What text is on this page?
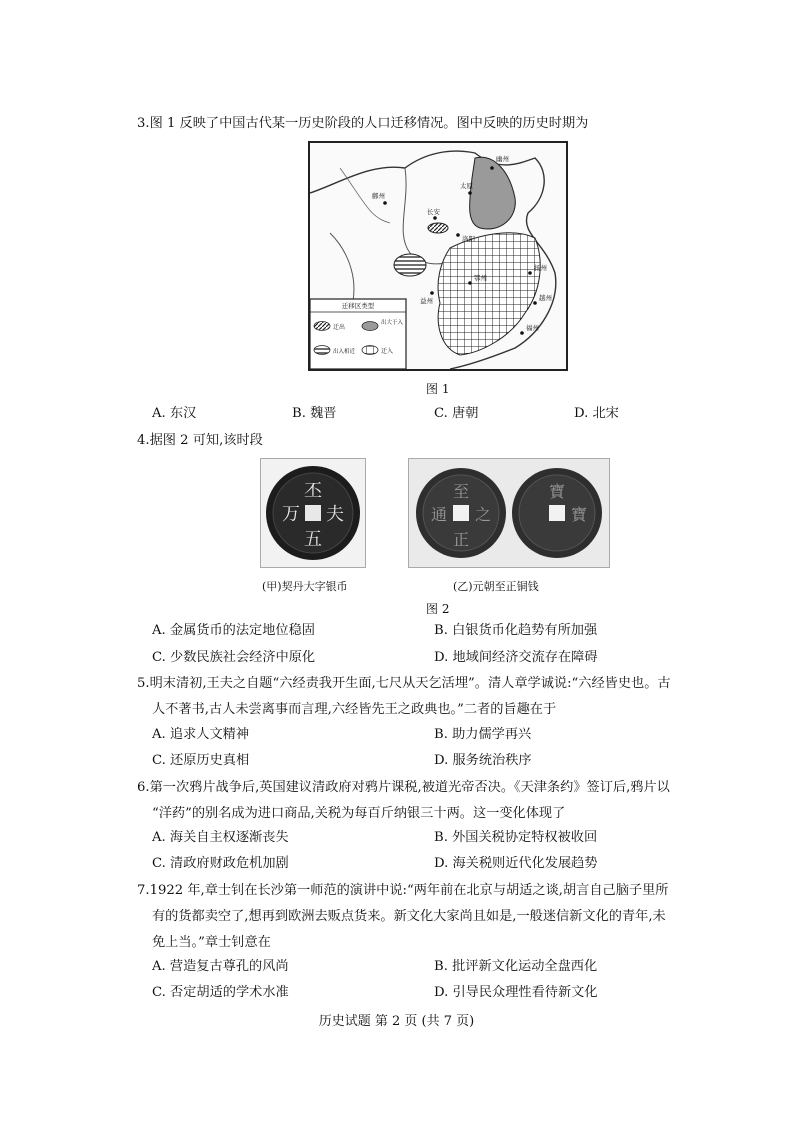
3.图 1 反映了中国古代某一历史阶段的人口迁移情况。图中反映的历史时期为
幽州
太原
鄜州
长安
洛阳
扬州
越州
福州
鄂州
益州
迁移区类型
迁出
出大于入
出入相近	迁入
图 1
A. 东汉	B. 魏晋	C. 唐朝	D. 北宋
4.据图 2 可知,该时段
丕
五
万 夫
至
正
通 之
寶
寶
(甲)契丹大字银币	(乙)元朝至正铜钱
图 2
A. 金属货币的法定地位稳固	B. 白银货币化趋势有所加强
C. 少数民族社会经济中原化	D. 地域间经济交流存在障碍
5.明末清初,王夫之自题“六经责我开生面,七尺从天乞活埋”。清人章学诚说:“六经皆史也。古
人不著书,古人未尝离事而言理,六经皆先王之政典也。”二者的旨趣在于
A. 追求人文精神	B. 助力儒学再兴
C. 还原历史真相	D. 服务统治秩序
6.第一次鸦片战争后,英国建议清政府对鸦片课税,被道光帝否决。《天津条约》签订后,鸦片以
“洋药”的别名成为进口商品,关税为每百斤纳银三十两。这一变化体现了
A. 海关自主权逐渐丧失	B. 外国关税协定特权被收回
C. 清政府财政危机加剧	D. 海关税则近代化发展趋势
7.1922 年,章士钊在长沙第一师范的演讲中说:“两年前在北京与胡适之谈,胡言自己脑子里所
有的货都卖空了,想再到欧洲去贩点货来。新文化大家尚且如是,一般迷信新文化的青年,未
免上当。”章士钊意在
A. 营造复古尊孔的风尚	B. 批评新文化运动全盘西化
C. 否定胡适的学术水准	D. 引导民众理性看待新文化
历史试题 第 2 页 (共 7 页)
